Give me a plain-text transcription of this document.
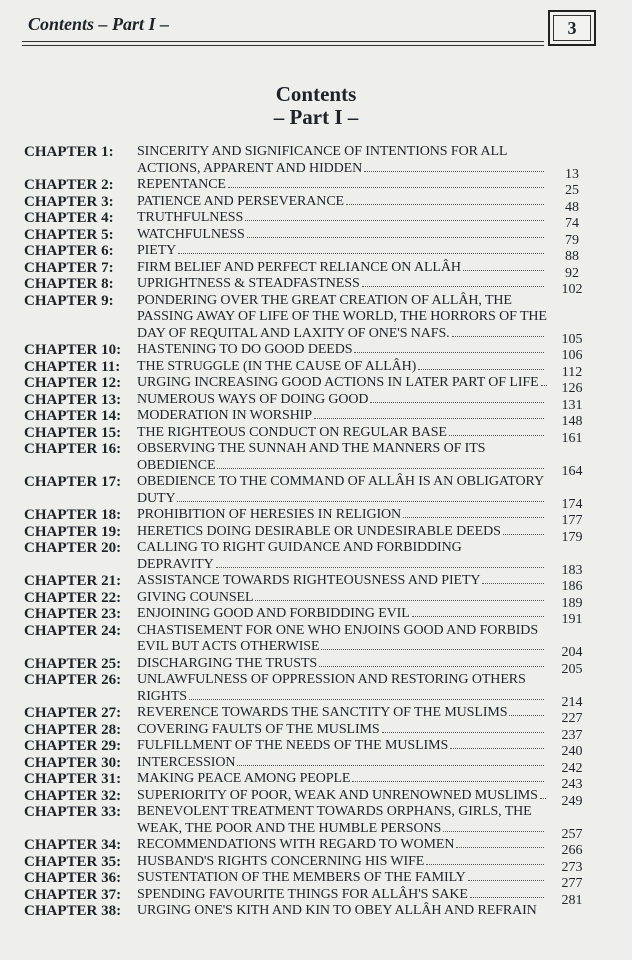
Contents – Part I –	3
Contents
– Part I –
CHAPTER 1: SINCERITY AND SIGNIFICANCE OF INTENTIONS FOR ALL
ACTIONS, APPARENT AND HIDDEN	13
CHAPTER 2: REPENTANCE	25
CHAPTER 3: PATIENCE AND PERSEVERANCE	48
CHAPTER 4: TRUTHFULNESS	74
CHAPTER 5: WATCHFULNESS	79
CHAPTER 6: PIETY	88
CHAPTER 7: FIRM BELIEF AND PERFECT RELIANCE ON ALLÂH	92
CHAPTER 8: UPRIGHTNESS & STEADFASTNESS	102
CHAPTER 9: PONDERING OVER THE GREAT CREATION OF ALLÂH, THE
PASSING AWAY OF LIFE OF THE WORLD, THE HORRORS OF THE
DAY OF REQUITAL AND LAXITY OF ONE'S NAFS.	105
CHAPTER 10: HASTENING TO DO GOOD DEEDS	106
CHAPTER 11: THE STRUGGLE (IN THE CAUSE OF ALLÂH)	112
CHAPTER 12: URGING INCREASING GOOD ACTIONS IN LATER PART OF LIFE	126
CHAPTER 13: NUMEROUS WAYS OF DOING GOOD	131
CHAPTER 14: MODERATION IN WORSHIP	148
CHAPTER 15: THE RIGHTEOUS CONDUCT ON REGULAR BASE	161
CHAPTER 16: OBSERVING THE SUNNAH AND THE MANNERS OF ITS
OBEDIENCE	164
CHAPTER 17: OBEDIENCE TO THE COMMAND OF ALLÂH IS AN OBLIGATORY
DUTY	174
CHAPTER 18: PROHIBITION OF HERESIES IN RELIGION	177
CHAPTER 19: HERETICS DOING DESIRABLE OR UNDESIRABLE DEEDS	179
CHAPTER 20: CALLING TO RIGHT GUIDANCE AND FORBIDDING
DEPRAVITY	183
CHAPTER 21: ASSISTANCE TOWARDS RIGHTEOUSNESS AND PIETY	186
CHAPTER 22: GIVING COUNSEL	189
CHAPTER 23: ENJOINING GOOD AND FORBIDDING EVIL	191
CHAPTER 24: CHASTISEMENT FOR ONE WHO ENJOINS GOOD AND FORBIDS
EVIL BUT ACTS OTHERWISE	204
CHAPTER 25: DISCHARGING THE TRUSTS	205
CHAPTER 26: UNLAWFULNESS OF OPPRESSION AND RESTORING OTHERS
RIGHTS	214
CHAPTER 27: REVERENCE TOWARDS THE SANCTITY OF THE MUSLIMS	227
CHAPTER 28: COVERING FAULTS OF THE MUSLIMS	237
CHAPTER 29: FULFILLMENT OF THE NEEDS OF THE MUSLIMS	240
CHAPTER 30: INTERCESSION	242
CHAPTER 31: MAKING PEACE AMONG PEOPLE	243
CHAPTER 32: SUPERIORITY OF POOR, WEAK AND UNRENOWNED MUSLIMS	249
CHAPTER 33: BENEVOLENT TREATMENT TOWARDS ORPHANS, GIRLS, THE
WEAK, THE POOR AND THE HUMBLE PERSONS	257
CHAPTER 34: RECOMMENDATIONS WITH REGARD TO WOMEN	266
CHAPTER 35: HUSBAND'S RIGHTS CONCERNING HIS WIFE	273
CHAPTER 36: SUSTENTATION OF THE MEMBERS OF THE FAMILY	277
CHAPTER 37: SPENDING FAVOURITE THINGS FOR ALLÂH'S SAKE	281
CHAPTER 38: URGING ONE'S KITH AND KIN TO OBEY ALLÂH AND REFRAIN
